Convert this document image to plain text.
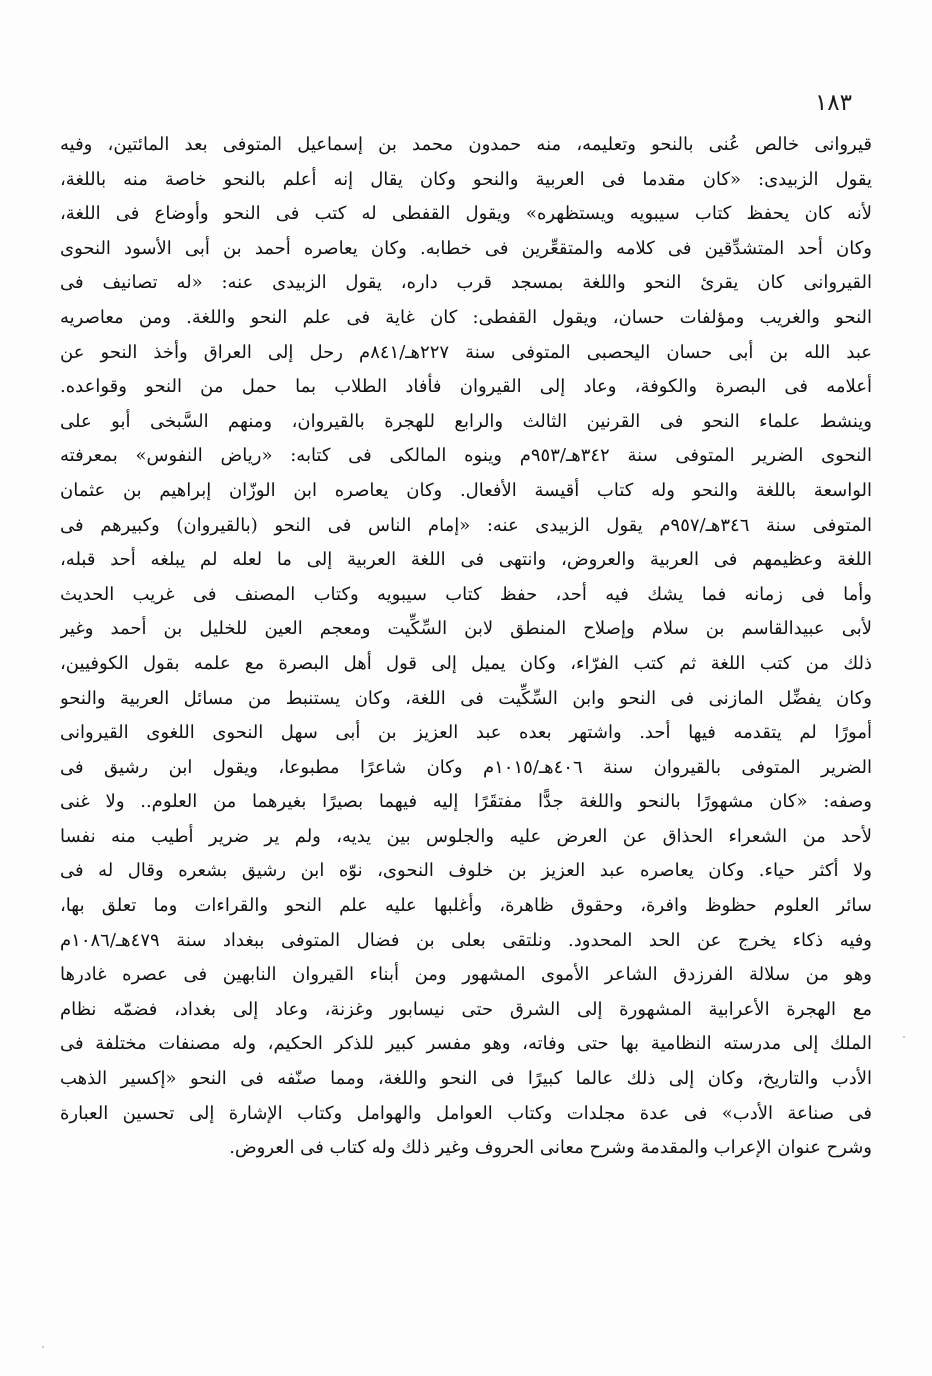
١٨٣

قيروانى خالص عُنى بالنحو وتعليمه، منه حمدون محمد بن إسماعيل المتوفى بعد المائتين، وفيه
يقول الزبيدى: «كان مقدما فى العربية والنحو وكان يقال إنه أعلم بالنحو خاصة منه باللغة،
لأنه كان يحفظ كتاب سيبويه ويستظهره» ويقول القفطى له كتب فى النحو وأوضاع فى اللغة،
وكان أحد المتشدِّقين فى كلامه والمتقعِّرين فى خطابه. وكان يعاصره أحمد بن أبى الأسود النحوى
القيروانى كان يقرئ النحو واللغة بمسجد قرب داره، يقول الزبيدى عنه: «له تصانيف فى
النحو والغريب ومؤلفات حسان، ويقول القفطى: كان غاية فى علم النحو واللغة. ومن معاصريه
عبد الله بن أبى حسان اليحصبى المتوفى سنة ٢٢٧هـ/٨٤١م رحل إلى العراق وأخذ النحو عن
أعلامه فى البصرة والكوفة، وعاد إلى القيروان فأفاد الطلاب بما حمل من النحو وقواعده.
وينشط علماء النحو فى القرنين الثالث والرابع للهجرة بالقيروان، ومنهم السَّبخى أبو على
النحوى الضرير المتوفى سنة ٣٤٢هـ/٩٥٣م وينوه المالكى فى كتابه: «رياض النفوس» بمعرفته
الواسعة باللغة والنحو وله كتاب أقيسة الأفعال. وكان يعاصره ابن الوزّان إبراهيم بن عثمان
المتوفى سنة ٣٤٦هـ/٩٥٧م يقول الزبيدى عنه: «إمام الناس فى النحو (بالقيروان) وكبيرهم فى
اللغة وعظيمهم فى العربية والعروض، وانتهى فى اللغة العربية إلى ما لعله لم يبلغه أحد قبله،
وأما فى زمانه فما يشك فيه أحد، حفظ كتاب سيبويه وكتاب المصنف فى غريب الحديث
لأبى عبيدالقاسم بن سلام وإصلاح المنطق لابن السِّكِّيت ومعجم العين للخليل بن أحمد وغير
ذلك من كتب اللغة ثم كتب الفرّاء، وكان يميل إلى قول أهل البصرة مع علمه بقول الكوفيين،
وكان يفضِّل المازنى فى النحو وابن السِّكِّيت فى اللغة، وكان يستنبط من مسائل العربية والنحو
أمورًا لم يتقدمه فيها أحد. واشتهر بعده عبد العزيز بن أبى سهل النحوى اللغوى القيروانى
الضرير المتوفى بالقيروان سنة ٤٠٦هـ/١٠١٥م وكان شاعرًا مطبوعا، ويقول ابن رشيق فى
وصفه: «كان مشهورًا بالنحو واللغة جدًّا مفتقَرًا إليه فيهما بصيرًا بغيرهما من العلوم.. ولا غنى
لأحد من الشعراء الحذاق عن العرض عليه والجلوس بين يديه، ولم ير ضرير أطيب منه نفسا
ولا أكثر حياء. وكان يعاصره عبد العزيز بن خلوف النحوى، نوّه ابن رشيق بشعره وقال له فى
سائر العلوم حظوظ وافرة، وحقوق ظاهرة، وأغلبها عليه علم النحو والقراءات وما تعلق بها،
وفيه ذكاء يخرج عن الحد المحدود. ونلتقى بعلى بن فضال المتوفى ببغداد سنة ٤٧٩هـ/١٠٨٦م
وهو من سلالة الفرزدق الشاعر الأموى المشهور ومن أبناء القيروان النابهين فى عصره غادرها
مع الهجرة الأعرابية المشهورة إلى الشرق حتى نيسابور وغزنة، وعاد إلى بغداد، فضمّه نظام
الملك إلى مدرسته النظامية بها حتى وفاته، وهو مفسر كبير للذكر الحكيم، وله مصنفات مختلفة فى
الأدب والتاريخ، وكان إلى ذلك عالما كبيرًا فى النحو واللغة، ومما صنّفه فى النحو «إكسير الذهب
فى صناعة الأدب» فى عدة مجلدات وكتاب العوامل والهوامل وكتاب الإشارة إلى تحسين العبارة
وشرح عنوان الإعراب والمقدمة وشرح معانى الحروف وغير ذلك وله كتاب فى العروض.
